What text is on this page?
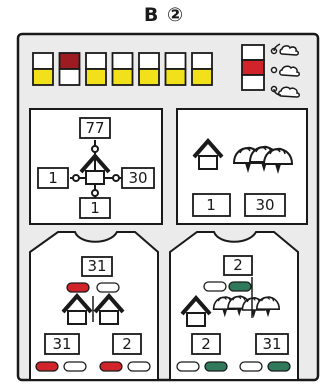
B ②
77
1	30
1	1	30
31
31	2
2
2	31
